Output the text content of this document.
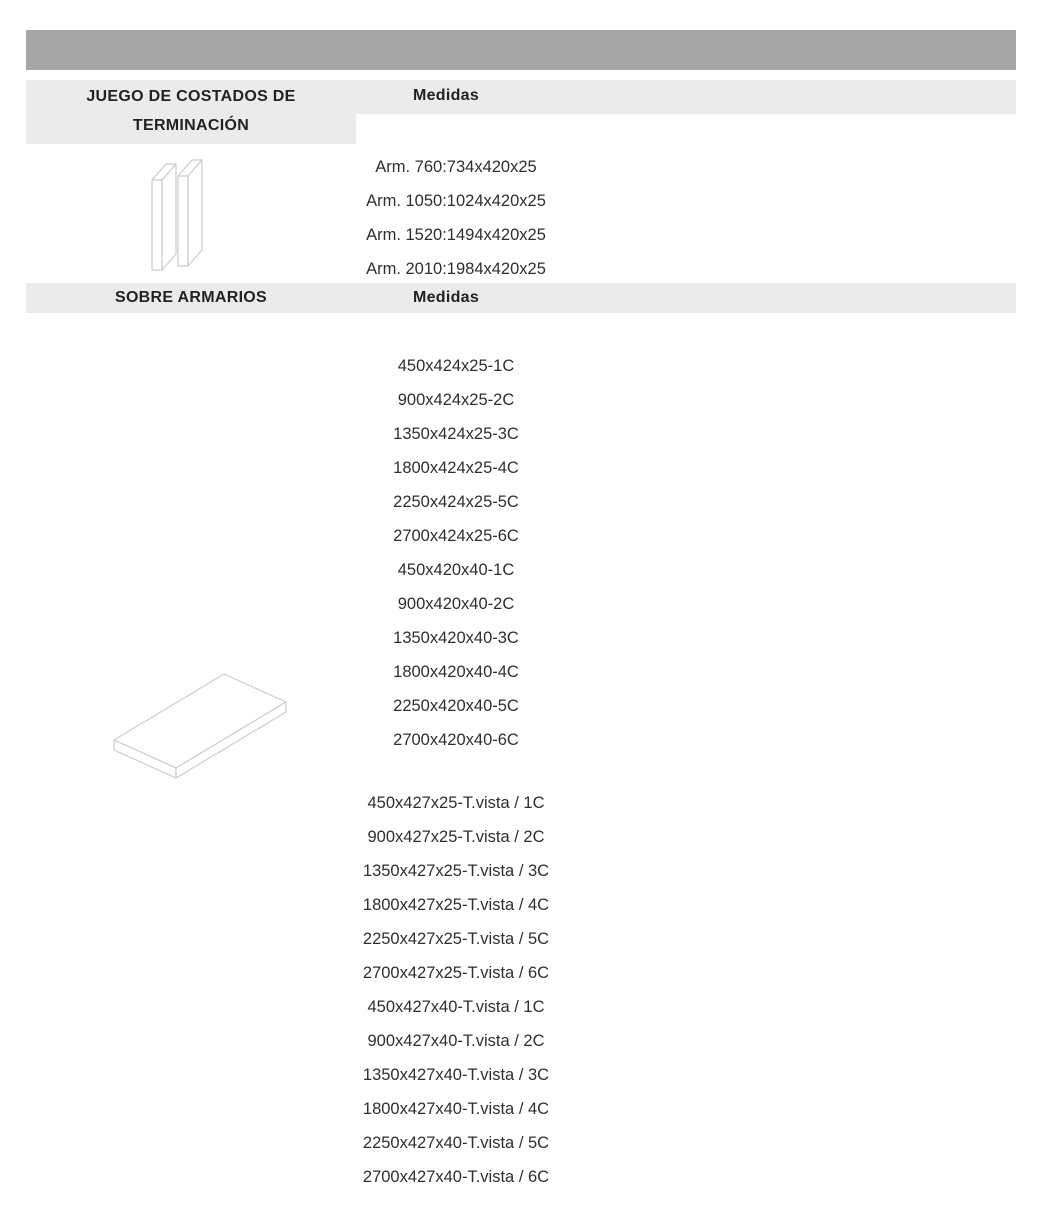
JUEGO DE COSTADOS DE TERMINACIÓN
Medidas
Arm. 760:734x420x25
Arm. 1050:1024x420x25
Arm. 1520:1494x420x25
Arm. 2010:1984x420x25
SOBRE ARMARIOS	Medidas
450x424x25-1C
900x424x25-2C
1350x424x25-3C
1800x424x25-4C
2250x424x25-5C
2700x424x25-6C
450x420x40-1C
900x420x40-2C
1350x420x40-3C
1800x420x40-4C
2250x420x40-5C
2700x420x40-6C
450x427x25-T.vista / 1C
900x427x25-T.vista / 2C
1350x427x25-T.vista / 3C
1800x427x25-T.vista / 4C
2250x427x25-T.vista / 5C
2700x427x25-T.vista / 6C
450x427x40-T.vista / 1C
900x427x40-T.vista / 2C
1350x427x40-T.vista / 3C
1800x427x40-T.vista / 4C
2250x427x40-T.vista / 5C
2700x427x40-T.vista / 6C
